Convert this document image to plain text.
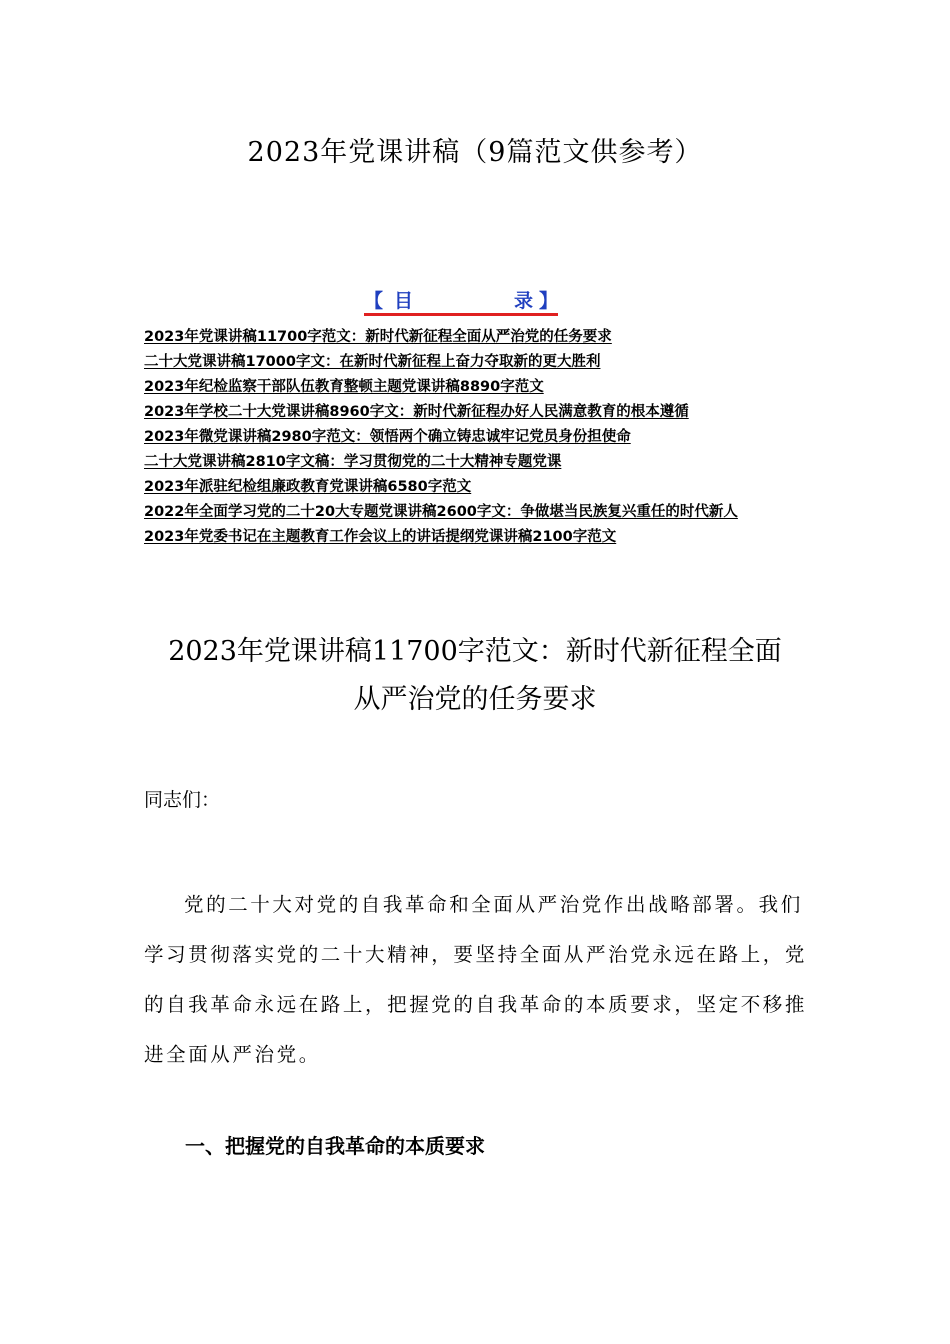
2023年党课讲稿（9篇范文供参考）
【 目	录 】
2023年党课讲稿11700字范文：新时代新征程全面从严治党的任务要求
二十大党课讲稿17000字文：在新时代新征程上奋力夺取新的更大胜利
2023年纪检监察干部队伍教育整顿主题党课讲稿8890字范文
2023年学校二十大党课讲稿8960字文：新时代新征程办好人民满意教育的根本遵循
2023年微党课讲稿2980字范文：领悟两个确立铸忠诚牢记党员身份担使命
二十大党课讲稿2810字文稿：学习贯彻党的二十大精神专题党课
2023年派驻纪检组廉政教育党课讲稿6580字范文
2022年全面学习党的二十20大专题党课讲稿2600字文：争做堪当民族复兴重任的时代新人
2023年党委书记在主题教育工作会议上的讲话提纲党课讲稿2100字范文
2023年党课讲稿11700字范文：新时代新征程全面
从严治党的任务要求

同志们：

党的二十大对党的自我革命和全面从严治党作出战略部署。我们学习贯彻落实党的二十大精神，要坚持全面从严治党永远在路上，党的自我革命永远在路上，把握党的自我革命的本质要求，坚定不移推进全面从严治党。

一、把握党的自我革命的本质要求
